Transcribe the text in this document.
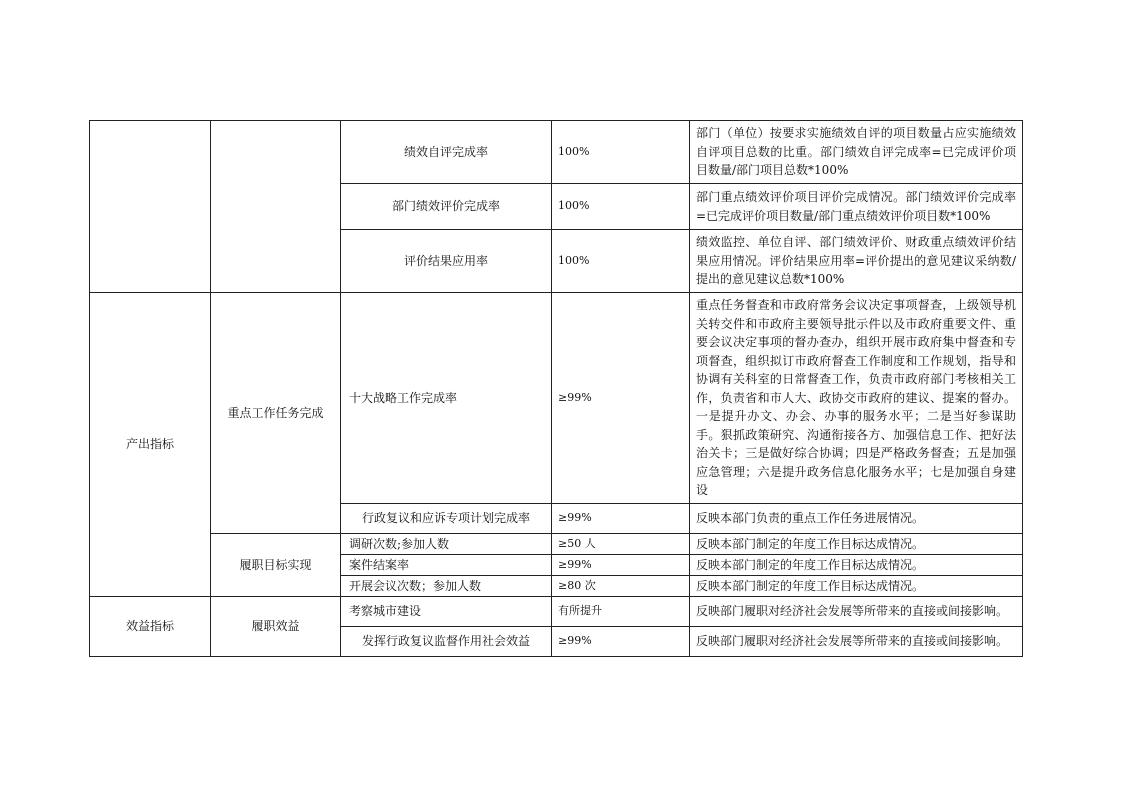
		绩效自评完成率	100%	部门（单位）按要求实施绩效自评的项目数量占应实施绩效自评项目总数的比重。部门绩效自评完成率=已完成评价项目数量/部门项目总数*100%
		部门绩效评价完成率	100%	部门重点绩效评价项目评价完成情况。部门绩效评价完成率=已完成评价项目数量/部门重点绩效评价项目数*100%
		评价结果应用率	100%	绩效监控、单位自评、部门绩效评价、财政重点绩效评价结果应用情况。评价结果应用率=评价提出的意见建议采纳数/提出的意见建议总数*100%
产出指标	重点工作任务完成	十大战略工作完成率	≥99%	重点任务督查和市政府常务会议决定事项督查，上级领导机关转交件和市政府主要领导批示件以及市政府重要文件、重要会议决定事项的督办查办，组织开展市政府集中督查和专项督查，组织拟订市政府督查工作制度和工作规划，指导和协调有关科室的日常督查工作，负责市政府部门考核相关工作，负责省和市人大、政协交市政府的建议、提案的督办。一是提升办文、办会、办事的服务水平；二是当好参谋助手。狠抓政策研究、沟通衔接各方、加强信息工作、把好法治关卡；三是做好综合协调；四是严格政务督查；五是加强应急管理；六是提升政务信息化服务水平；七是加强自身建设
		行政复议和应诉专项计划完成率	≥99%	反映本部门负责的重点工作任务进展情况。
	履职目标实现	调研次数;参加人数	≥50 人	反映本部门制定的年度工作目标达成情况。
		案件结案率	≥99%	反映本部门制定的年度工作目标达成情况。
		开展会议次数；参加人数	≥80 次	反映本部门制定的年度工作目标达成情况。
效益指标	履职效益	考察城市建设	有所提升	反映部门履职对经济社会发展等所带来的直接或间接影响。
		发挥行政复议监督作用社会效益	≥99%	反映部门履职对经济社会发展等所带来的直接或间接影响。
